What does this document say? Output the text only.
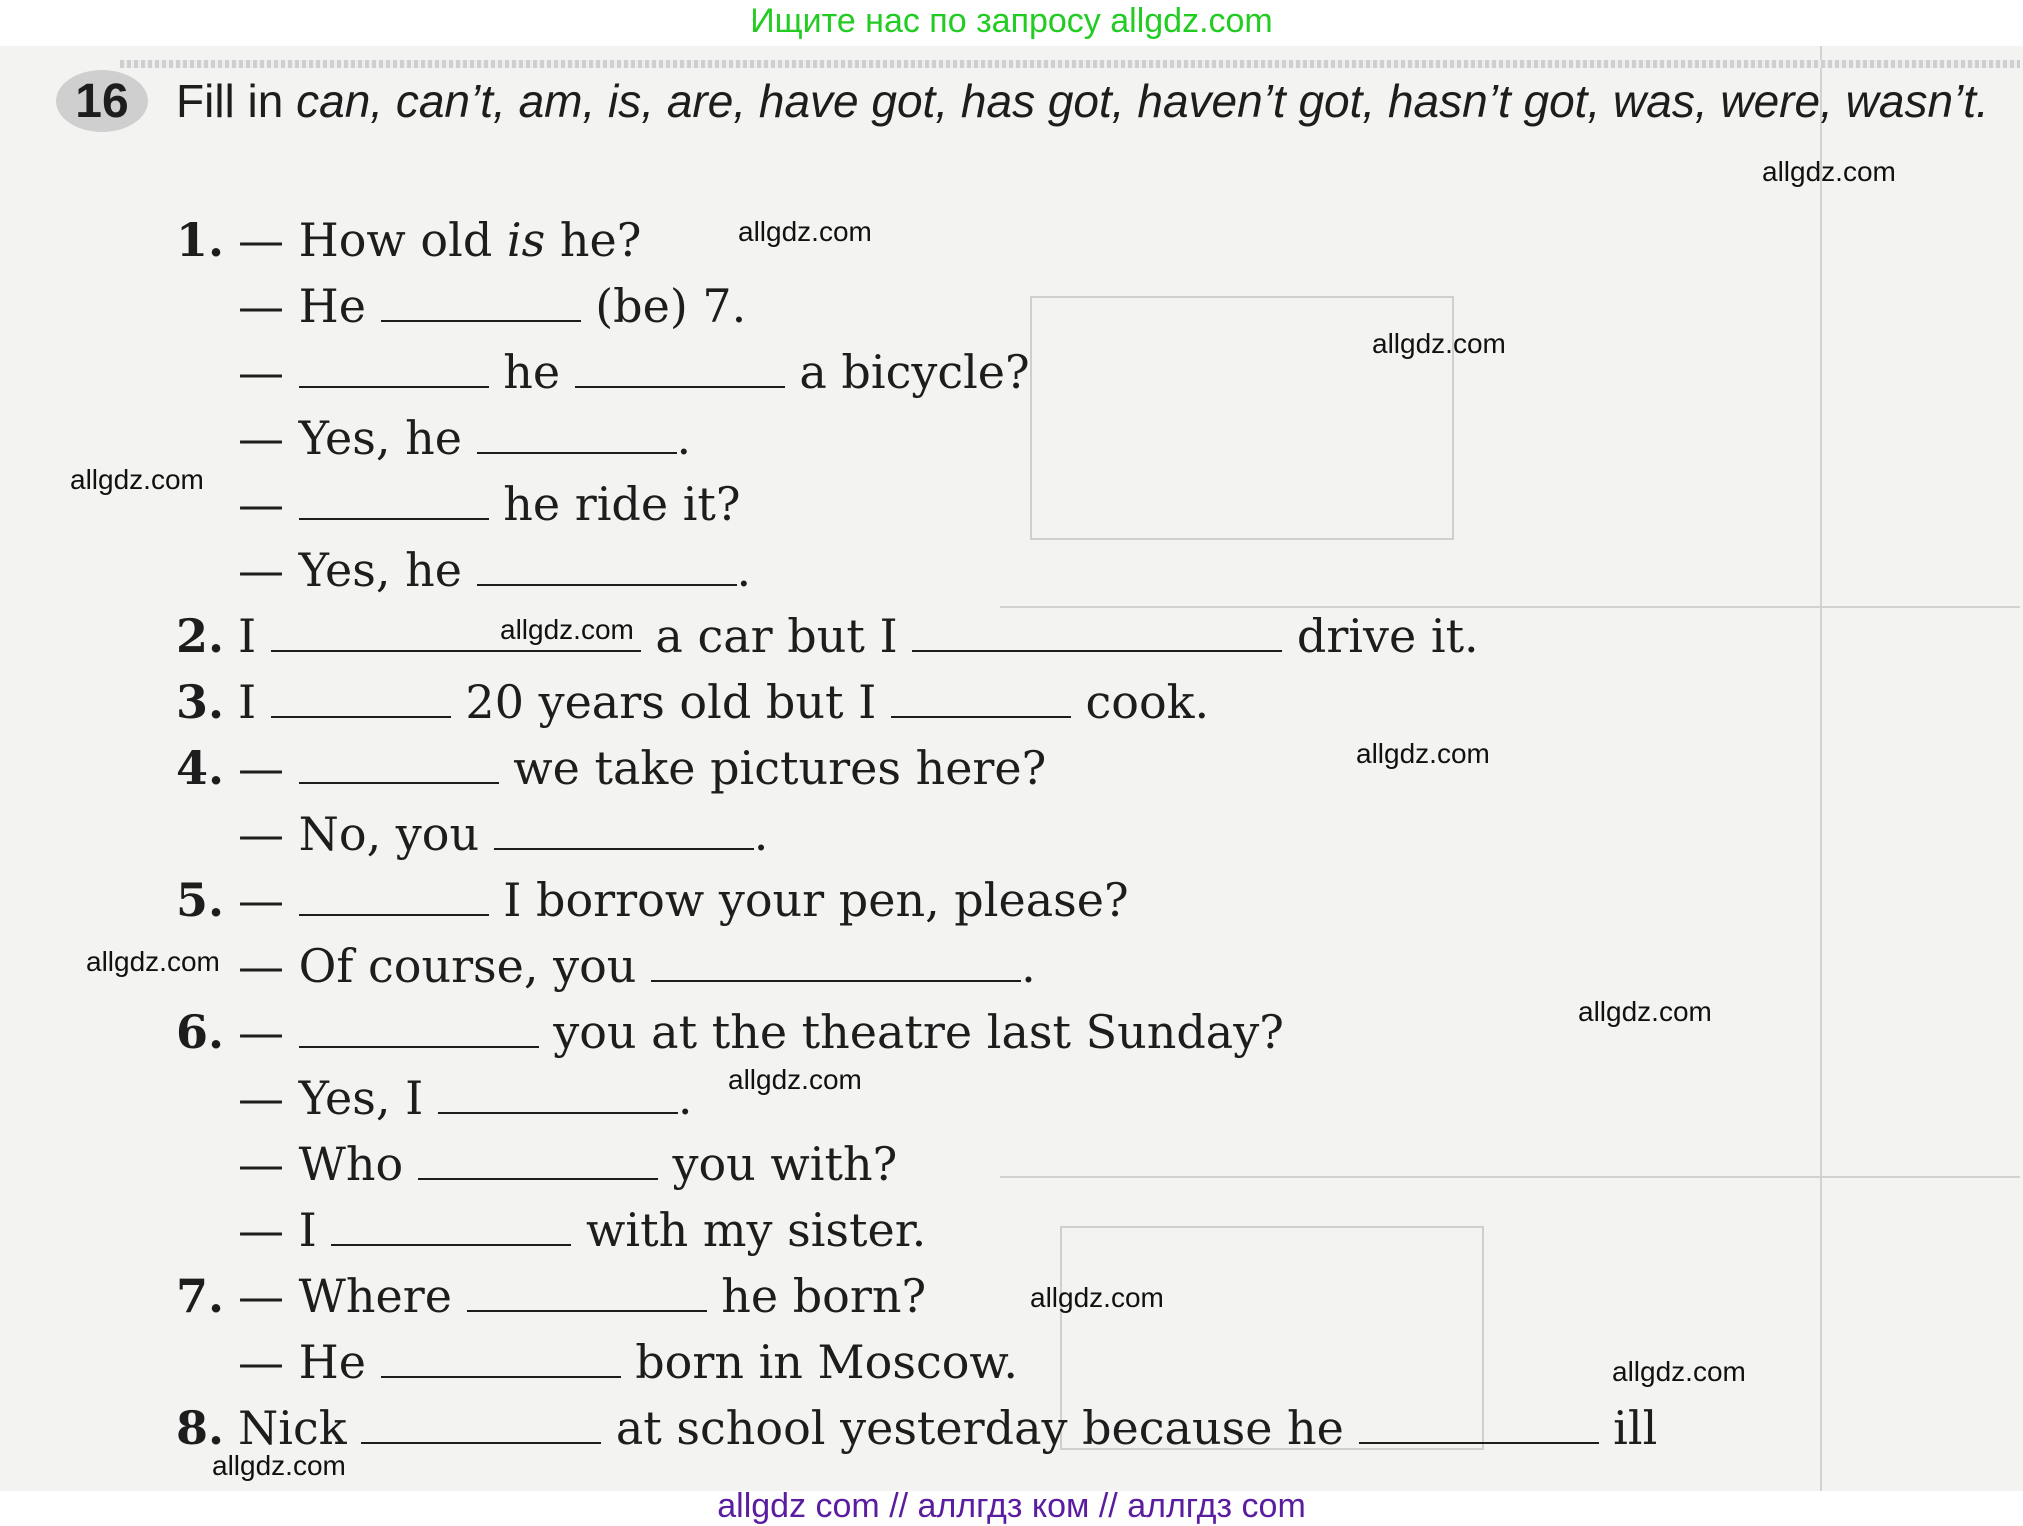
Ищите нас по запросу allgdz.com
16	Fill in can, can’t, am, is, are, have got, has got, haven’t got, hasn’t got, was, were, wasn’t.
1. — How old is he?
— He	(be) 7.
—	he	a bicycle?
— Yes, he	.
—	he ride it?
— Yes, he	.
2. I	a car but I	drive it.
3. I	20 years old but I	cook.
4. —	we take pictures here?
— No, you	.
5. —	I borrow your pen, please?
— Of course, you	.
6. —	you at the theatre last Sunday?
— Yes, I	.
— Who	you with?
— I	with my sister.
7. — Where	he born?
— He	born in Moscow.
8. Nick	at school yesterday because he	ill
allgdz.com
allgdz.com
allgdz.com
allgdz.com
allgdz.com
allgdz.com
allgdz.com
allgdz.com
allgdz.com
allgdz.com
allgdz.com
allgdz.com
allgdz com // аллгдз ком // аллгдз com
